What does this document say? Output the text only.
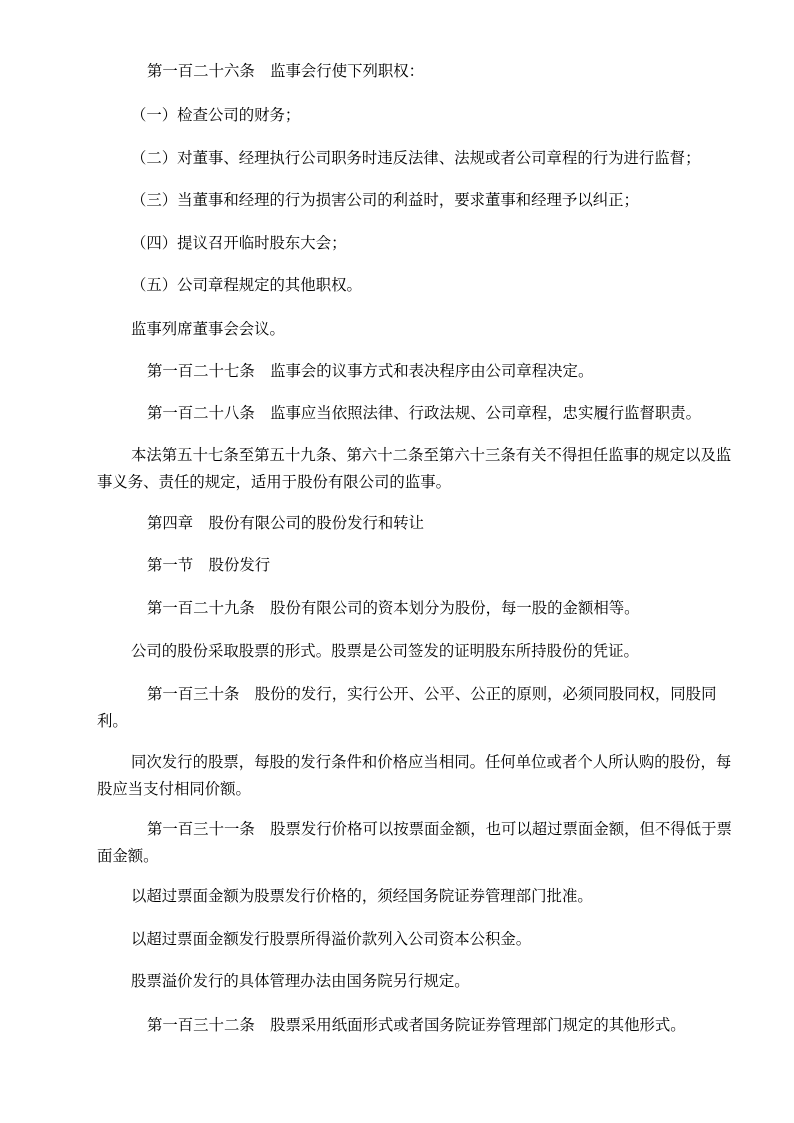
第一百二十六条　监事会行使下列职权：

（一）检查公司的财务；

（二）对董事、经理执行公司职务时违反法律、法规或者公司章程的行为进行监督；

（三）当董事和经理的行为损害公司的利益时，要求董事和经理予以纠正；

（四）提议召开临时股东大会；

（五）公司章程规定的其他职权。

监事列席董事会会议。

第一百二十七条　监事会的议事方式和表决程序由公司章程决定。

第一百二十八条　监事应当依照法律、行政法规、公司章程，忠实履行监督职责。

本法第五十七条至第五十九条、第六十二条至第六十三条有关不得担任监事的规定以及监事义务、责任的规定，适用于股份有限公司的监事。

第四章　股份有限公司的股份发行和转让

第一节　股份发行

第一百二十九条　股份有限公司的资本划分为股份，每一股的金额相等。

公司的股份采取股票的形式。股票是公司签发的证明股东所持股份的凭证。

第一百三十条　股份的发行，实行公开、公平、公正的原则，必须同股同权，同股同利。

同次发行的股票，每股的发行条件和价格应当相同。任何单位或者个人所认购的股份，每股应当支付相同价额。

第一百三十一条　股票发行价格可以按票面金额，也可以超过票面金额，但不得低于票面金额。

以超过票面金额为股票发行价格的，须经国务院证券管理部门批准。

以超过票面金额发行股票所得溢价款列入公司资本公积金。

股票溢价发行的具体管理办法由国务院另行规定。

第一百三十二条　股票采用纸面形式或者国务院证券管理部门规定的其他形式。
